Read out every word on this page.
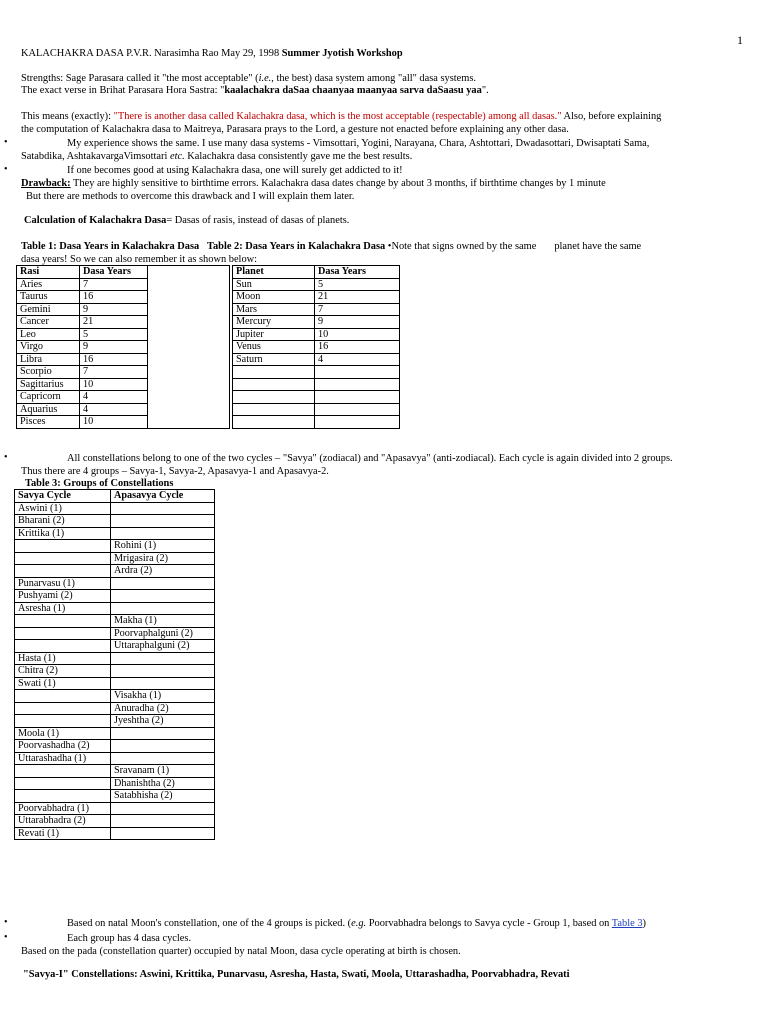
1
KALACHAKRA DASA P.V.R. Narasimha Rao May 29, 1998 Summer Jyotish Workshop
Strengths: Sage Parasara called it "the most acceptable" (i.e., the best) dasa system among "all" dasa systems.
The exact verse in Brihat Parasara Hora Sastra: "kaalachakra daSaa chaanyaa maanyaa sarva daSaasu yaa".
This means (exactly): "There is another dasa called Kalachakra dasa, which is the most acceptable (respectable) among all dasas." Also, before explaining
the computation of Kalachakra dasa to Maitreya, Parasara prays to the Lord, a gesture not enacted before explaining any other dasa.
•	My experience shows the same. I use many dasa systems - Vimsottari, Yogini, Narayana, Chara, Ashtottari, Dwadasottari, Dwisaptati Sama,
Satabdika, AshtakavargaVimsottari etc. Kalachakra dasa consistently gave me the best results.
•	If one becomes good at using Kalachakra dasa, one will surely get addicted to it!
Drawback: They are highly sensitive to birthtime errors. Kalachakra dasa dates change by about 3 months, if birthtime changes by 1 minute
But there are methods to overcome this drawback and I will explain them later.
Calculation of Kalachakra Dasa= Dasas of rasis, instead of dasas of planets.
Table 1: Dasa Years in Kalachakra Dasa Table 2: Dasa Years in Kalachakra Dasa •Note that signs owned by the same planet have the same
dasa years! So we can also remember it as shown below:
Rasi	Dasa Years	
Aries	7	
Taurus	16	
Gemini	9	
Cancer	21	
Leo	5	
Virgo	9	
Libra	16	
Scorpio	7	
Sagittarius	10	
Capricorn	4	
Aquarius	4	
Pisces	10	
Planet	Dasa Years
Sun	5
Moon	21
Mars	7
Mercury	9
Jupiter	10
Venus	16
Saturn	4

•	All constellations belong to one of the two cycles – "Savya" (zodiacal) and "Apasavya" (anti-zodiacal). Each cycle is again divided into 2 groups.
Thus there are 4 groups – Savya-1, Savya-2, Apasavya-1 and Apasavya-2.
Table 3: Groups of Constellations
Savya Cycle	Apasavya Cycle
Aswini (1)	
Bharani (2)	
Krittika (1)	
	Rohini (1)
	Mrigasira (2)
	Ardra (2)
Punarvasu (1)	
Pushyami (2)	
Asresha (1)	
	Makha (1)
	Poorvaphalguni (2)
	Uttaraphalguni (2)
Hasta (1)	
Chitra (2)	
Swati (1)	
	Visakha (1)
	Anuradha (2)
	Jyeshtha (2)
Moola (1)	
Poorvashadha (2)	
Uttarashadha (1)	
	Sravanam (1)
	Dhanishtha (2)
	Satabhisha (2)
Poorvabhadra (1)	
Uttarabhadra (2)	
Revati (1)	
•	Based on natal Moon's constellation, one of the 4 groups is picked. (e.g. Poorvabhadra belongs to Savya cycle - Group 1, based on Table 3)
•	Each group has 4 dasa cycles.
Based on the pada (constellation quarter) occupied by natal Moon, dasa cycle operating at birth is chosen.
"Savya-I" Constellations: Aswini, Krittika, Punarvasu, Asresha, Hasta, Swati, Moola, Uttarashadha, Poorvabhadra, Revati
